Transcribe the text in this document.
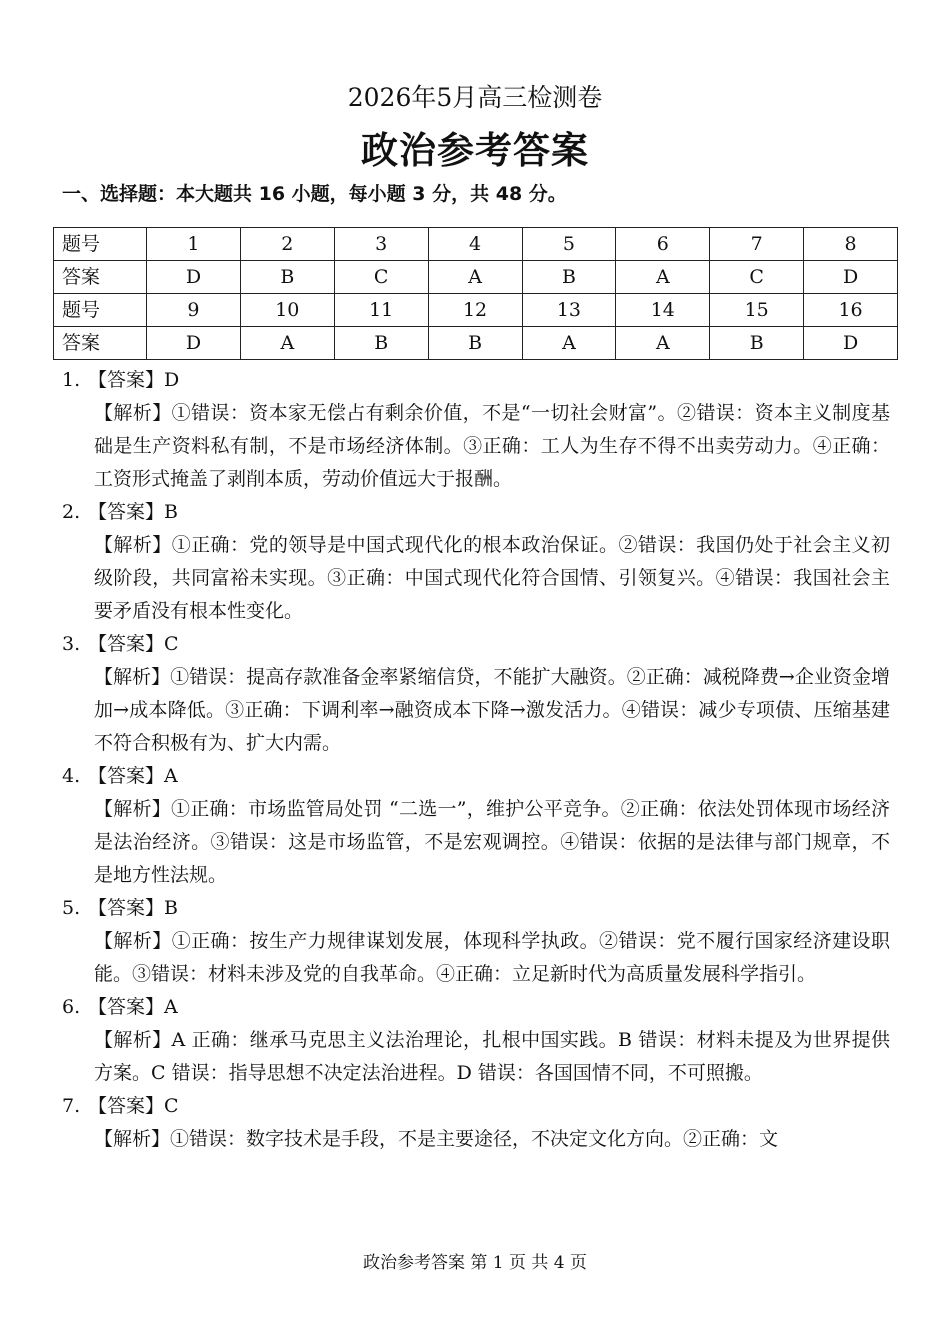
2026年5月高三检测卷
政治参考答案
一、选择题：本大题共 16 小题，每小题 3 分，共 48 分。
题号	1	2	3	4	5	6	7	8
答案	D	B	C	A	B	A	C	D
题号	9	10	11	12	13	14	15	16
答案	D	A	B	B	A	A	B	D
1. 【答案】D
【解析】①错误：资本家无偿占有剩余价值，不是“一切社会财富”。②错误：资本主义制度基础是生产资料私有制，不是市场经济体制。③正确：工人为生存不得不出卖劳动力。④正确：工资形式掩盖了剥削本质，劳动价值远大于报酬。
2. 【答案】B
【解析】①正确：党的领导是中国式现代化的根本政治保证。②错误：我国仍处于社会主义初级阶段，共同富裕未实现。③正确：中国式现代化符合国情、引领复兴。④错误：我国社会主要矛盾没有根本性变化。
3. 【答案】C
【解析】①错误：提高存款准备金率紧缩信贷，不能扩大融资。②正确：减税降费→企业资金增加→成本降低。③正确：下调利率→融资成本下降→激发活力。④错误：减少专项债、压缩基建不符合积极有为、扩大内需。
4. 【答案】A
【解析】①正确：市场监管局处罚 “二选一”，维护公平竞争。②正确：依法处罚体现市场经济是法治经济。③错误：这是市场监管，不是宏观调控。④错误：依据的是法律与部门规章，不是地方性法规。
5. 【答案】B
【解析】①正确：按生产力规律谋划发展，体现科学执政。②错误：党不履行国家经济建设职能。③错误：材料未涉及党的自我革命。④正确：立足新时代为高质量发展科学指引。
6. 【答案】A
【解析】A 正确：继承马克思主义法治理论，扎根中国实践。B 错误：材料未提及为世界提供方案。C 错误：指导思想不决定法治进程。D 错误：各国国情不同，不可照搬。
7. 【答案】C
【解析】①错误：数字技术是手段，不是主要途径，不决定文化方向。②正确：文
政治参考答案 第 1 页 共 4 页
